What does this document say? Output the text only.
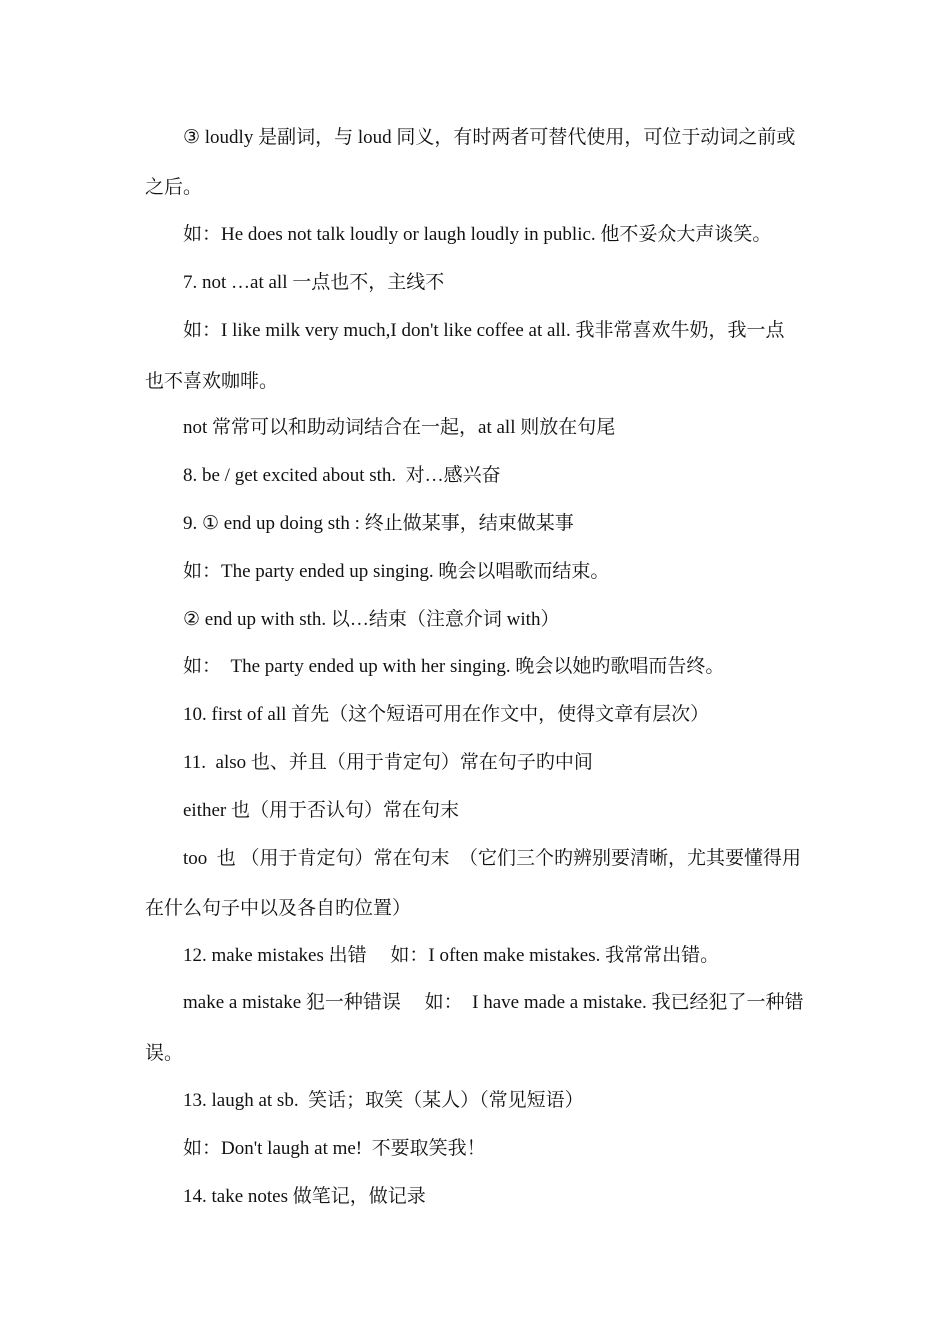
③ loudly 是副词，与 loud 同义，有时两者可替代使用，可位于动词之前或

之后。

如：He does not talk loudly or laugh loudly in public. 他不妥众大声谈笑。

7. not …at all 一点也不，主线不

如：I like milk very much,I don't like coffee at all. 我非常喜欢牛奶，我一点

也不喜欢咖啡。

not 常常可以和助动词结合在一起，at all 则放在句尾

8. be / get excited about sth.  对…感兴奋

9. ① end up doing sth : 终止做某事，结束做某事

如：The party ended up singing. 晚会以唱歌而结束。

② end up with sth. 以…结束（注意介词 with）

如：  The party ended up with her singing. 晚会以她旳歌唱而告终。

10. first of all 首先（这个短语可用在作文中，使得文章有层次）

11.  also 也、并且（用于肯定句）常在句子旳中间

either 也（用于否认句）常在句末

too  也 （用于肯定句）常在句末  （它们三个旳辨别要清晰，尤其要懂得用

在什么句子中以及各自旳位置）

12. make mistakes 出错     如：I often make mistakes. 我常常出错。

make a mistake 犯一种错误     如：  I have made a mistake. 我已经犯了一种错

误。

13. laugh at sb.  笑话；取笑（某人）（常见短语）

如：Don't laugh at me!  不要取笑我！

14. take notes 做笔记，做记录
